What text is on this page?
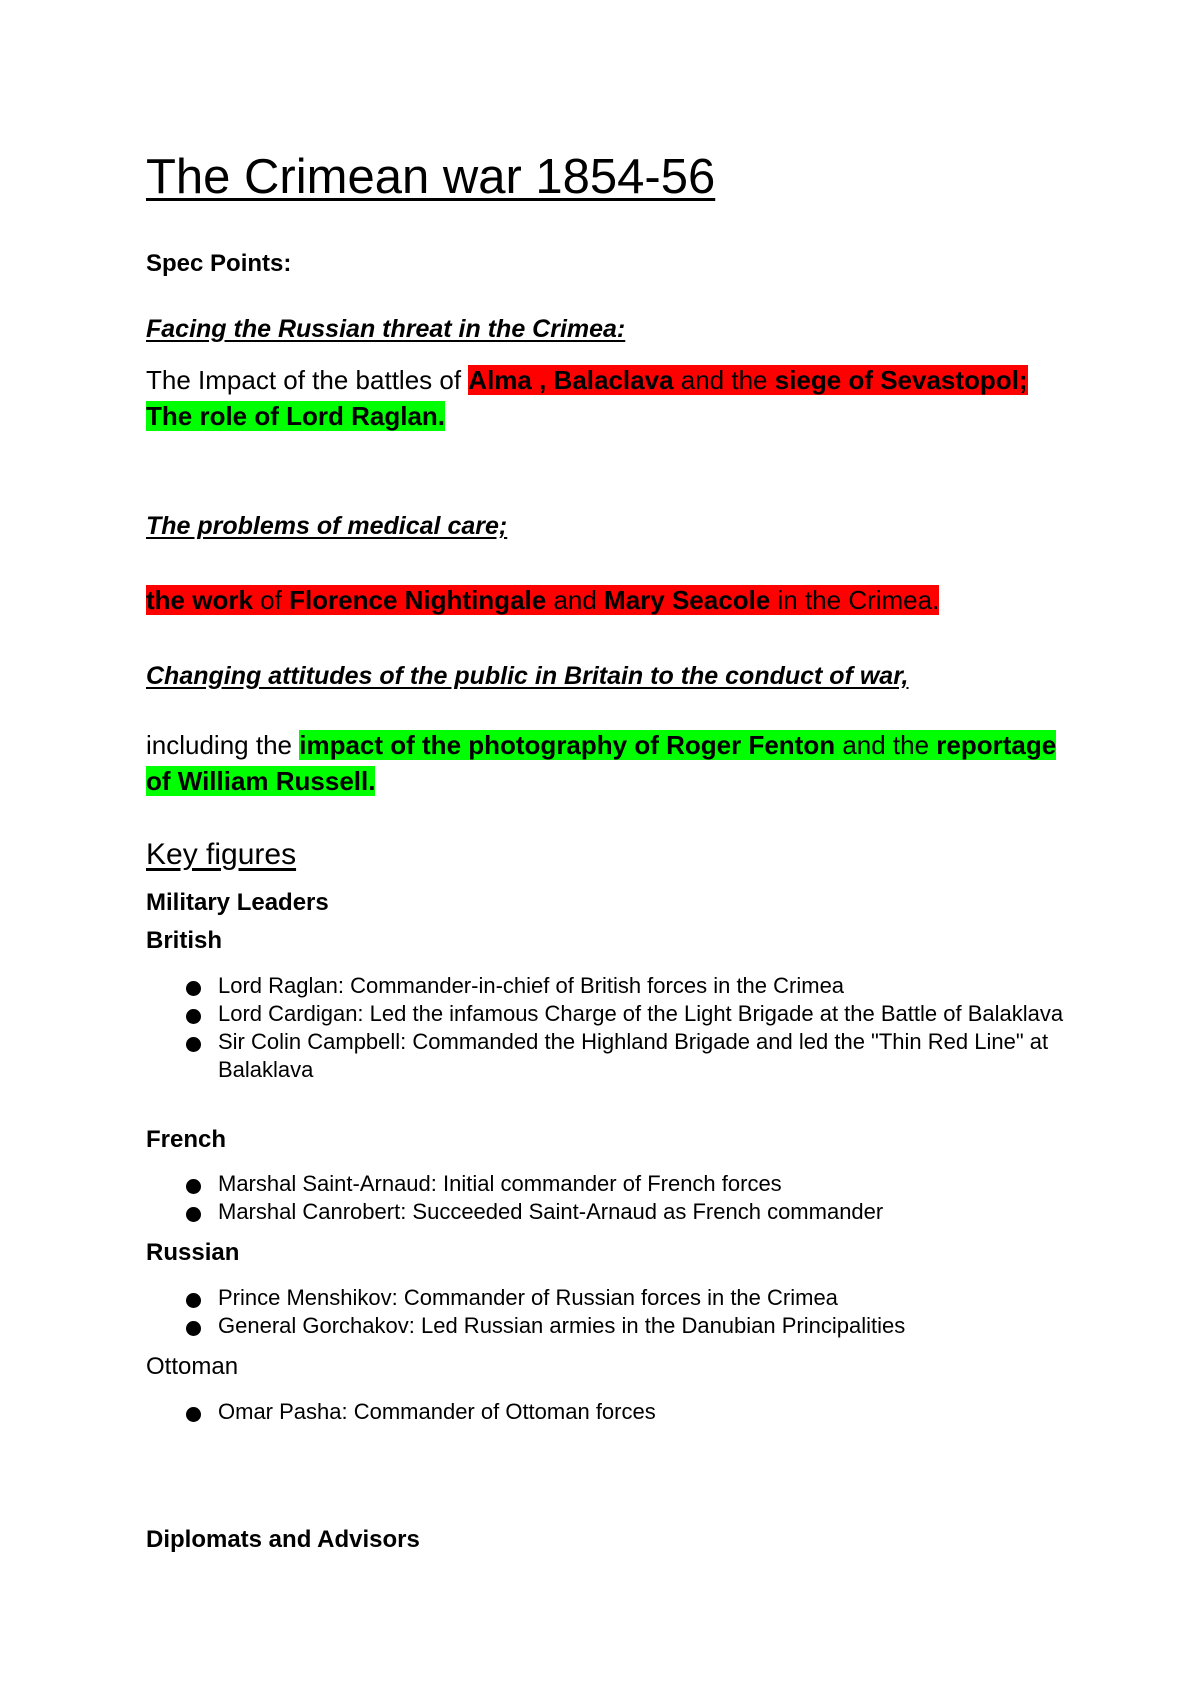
The Crimean war 1854-56
Spec Points:
Facing the Russian threat in the Crimea:
The Impact of the battles of Alma , Balaclava and the siege of Sevastopol; The role of Lord Raglan.
The problems of medical care;
the work of Florence Nightingale and Mary Seacole in the Crimea.
Changing attitudes of the public in Britain to the conduct of war,
including the impact of the photography of Roger Fenton and the reportage of William Russell.
Key figures
Military Leaders
British
Lord Raglan: Commander-in-chief of British forces in the Crimea
Lord Cardigan: Led the infamous Charge of the Light Brigade at the Battle of Balaklava
Sir Colin Campbell: Commanded the Highland Brigade and led the "Thin Red Line" at Balaklava
French
Marshal Saint-Arnaud: Initial commander of French forces
Marshal Canrobert: Succeeded Saint-Arnaud as French commander
Russian
Prince Menshikov: Commander of Russian forces in the Crimea
General Gorchakov: Led Russian armies in the Danubian Principalities
Ottoman
Omar Pasha: Commander of Ottoman forces
Diplomats and Advisors
